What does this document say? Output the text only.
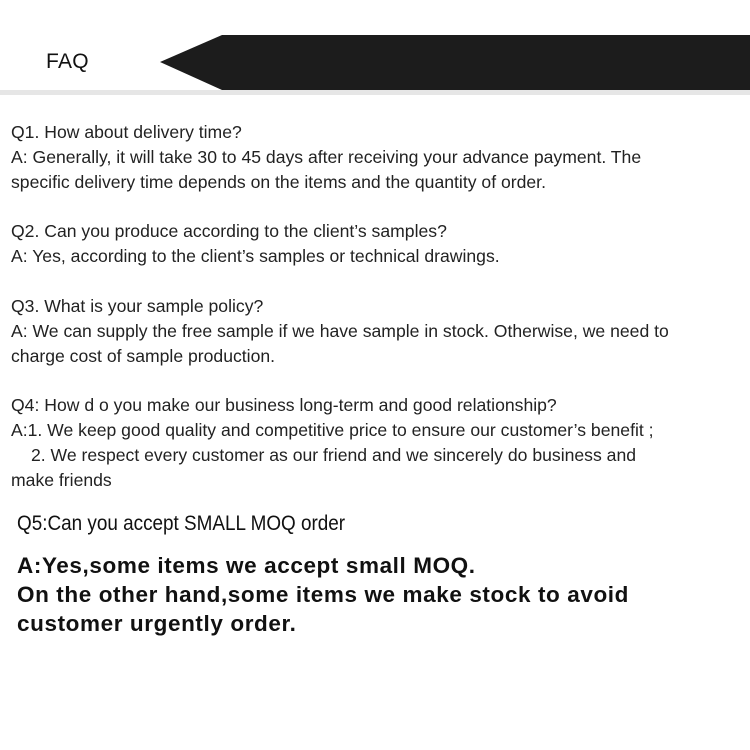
FAQ
Q1. How about delivery time?
A: Generally, it will take 30 to 45 days after receiving your advance payment. The
specific delivery time depends on the items and the quantity of order.
Q2. Can you produce according to the client’s samples?
A: Yes, according to the client’s samples or technical drawings.
Q3. What is your sample policy?
A: We can supply the free sample if we have sample in stock. Otherwise, we need to
charge cost of sample production.
Q4: How d o you make our business long-term and good relationship?
A:1. We keep good quality and competitive price to ensure our customer’s benefit ;
2. We respect every customer as our friend and we sincerely do business and
make friends
Q5:Can you accept SMALL MOQ order
A:Yes,some items we accept small MOQ.
On the other hand,some items we make stock to avoid
customer urgently order.
